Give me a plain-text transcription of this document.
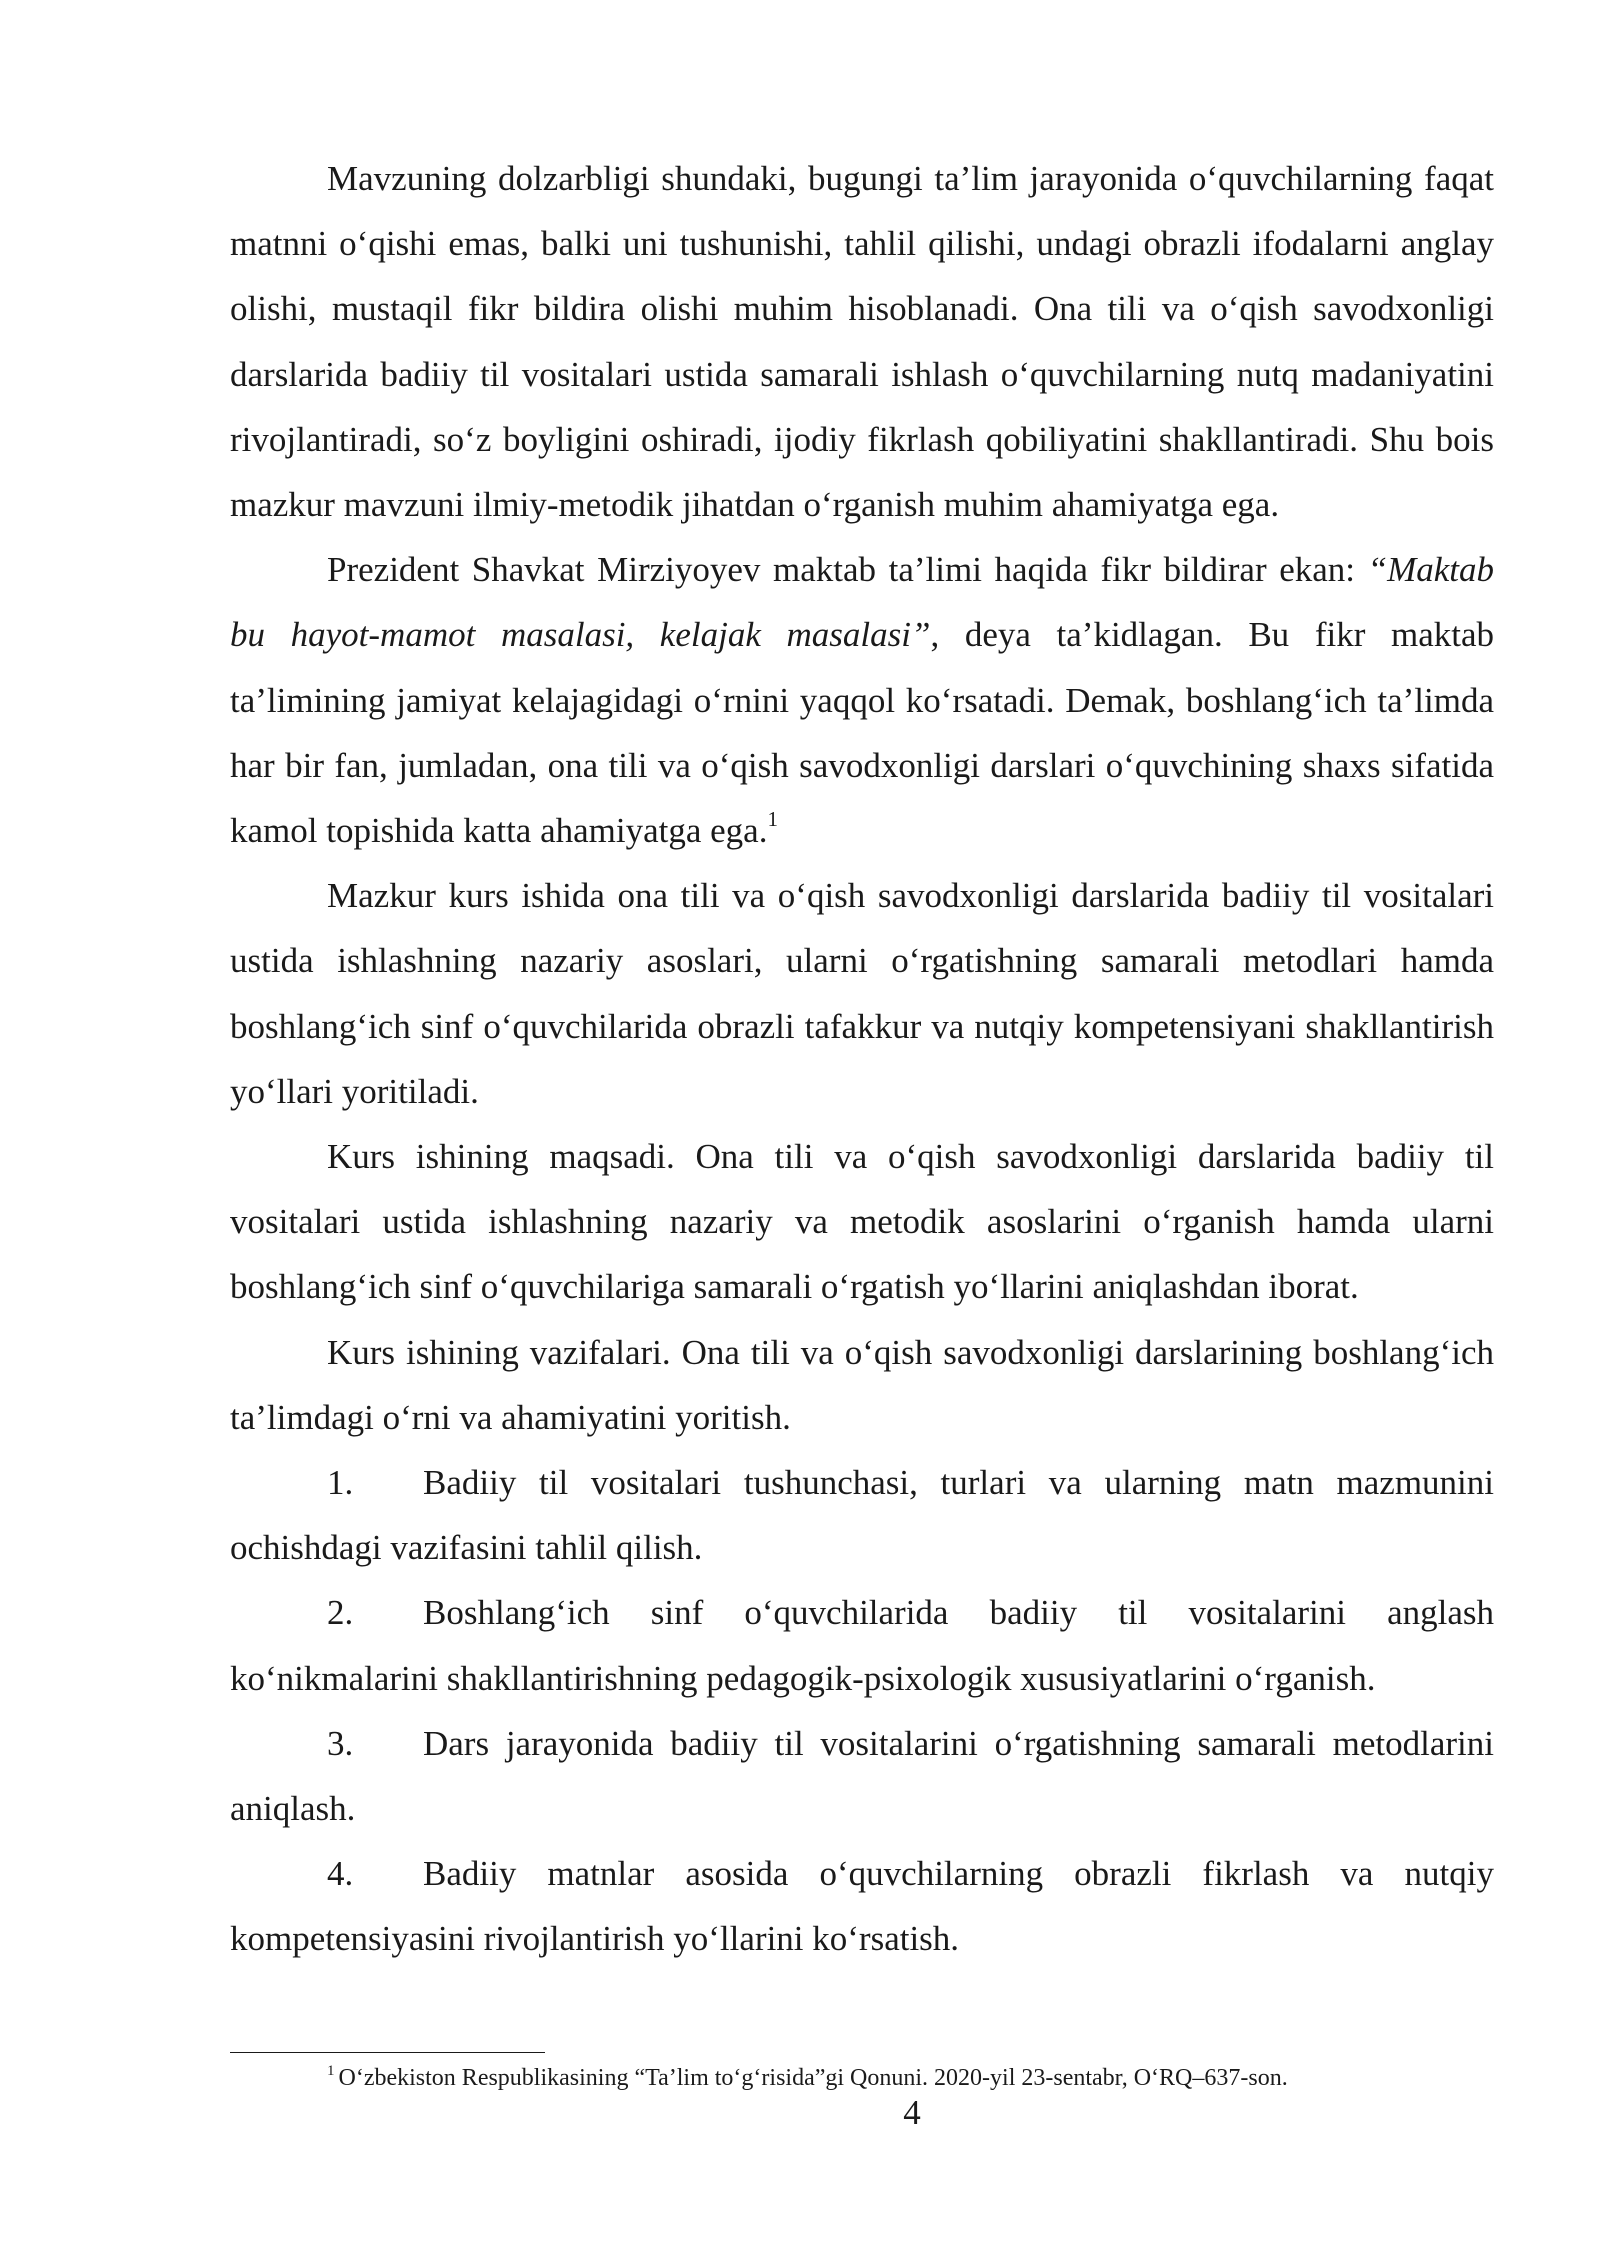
Mavzuning dolzarbligi shundaki, bugungi ta’lim jarayonida o‘quvchilarning faqat matnni o‘qishi emas, balki uni tushunishi, tahlil qilishi, undagi obrazli ifodalarni anglay olishi, mustaqil fikr bildira olishi muhim hisoblanadi. Ona tili va o‘qish savodxonligi darslarida badiiy til vositalari ustida samarali ishlash o‘quvchilarning nutq madaniyatini rivojlantiradi, so‘z boyligini oshiradi, ijodiy fikrlash qobiliyatini shakllantiradi. Shu bois mazkur mavzuni ilmiy-metodik jihatdan o‘rganish muhim ahamiyatga ega.

Prezident Shavkat Mirziyoyev maktab ta’limi haqida fikr bildirar ekan: “Maktab bu hayot-mamot masalasi, kelajak masalasi”, deya ta’kidlagan. Bu fikr maktab ta’limining jamiyat kelajagidagi o‘rnini yaqqol ko‘rsatadi. Demak, boshlang‘ich ta’limda har bir fan, jumladan, ona tili va o‘qish savodxonligi darslari o‘quvchining shaxs sifatida kamol topishida katta ahamiyatga ega.$^1$

Mazkur kurs ishida ona tili va o‘qish savodxonligi darslarida badiiy til vositalari ustida ishlashning nazariy asoslari, ularni o‘rgatishning samarali metodlari hamda boshlang‘ich sinf o‘quvchilarida obrazli tafakkur va nutqiy kompetensiyani shakllantirish yo‘llari yoritiladi.

Kurs ishining maqsadi. Ona tili va o‘qish savodxonligi darslarida badiiy til vositalari ustida ishlashning nazariy va metodik asoslarini o‘rganish hamda ularni boshlang‘ich sinf o‘quvchilariga samarali o‘rgatish yo‘llarini aniqlashdan iborat.

Kurs ishining vazifalari. Ona tili va o‘qish savodxonligi darslarining boshlang‘ich ta’limdagi o‘rni va ahamiyatini yoritish.

1. Badiiy til vositalari tushunchasi, turlari va ularning matn mazmunini ochishdagi vazifasini tahlil qilish.

2. Boshlang‘ich sinf o‘quvchilarida badiiy til vositalarini anglash ko‘nikmalarini shakllantirishning pedagogik-psixologik xususiyatlarini o‘rganish.

3. Dars jarayonida badiiy til vositalarini o‘rgatishning samarali metodlarini aniqlash.

4. Badiiy matnlar asosida o‘quvchilarning obrazli fikrlash va nutqiy kompetensiyasini rivojlantirish yo‘llarini ko‘rsatish.

$^1$ O‘zbekiston Respublikasining “Ta’lim to‘g‘risida”gi Qonuni. 2020-yil 23-sentabr, O‘RQ–637-son.
4
